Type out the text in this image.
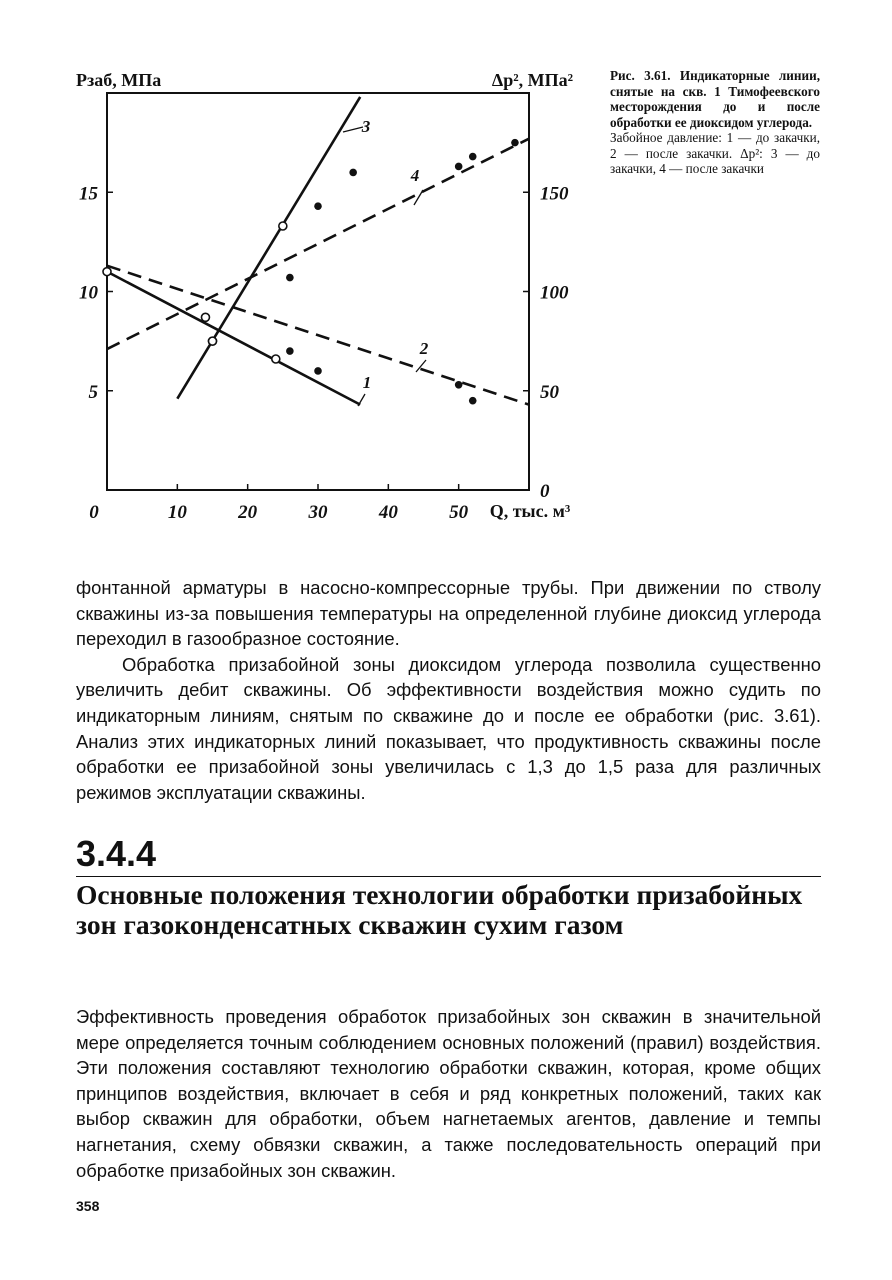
Pзаб, МПа	Δp², МПа²
Q, тыс. м³
0	10	20	30	40	50
15
10
5
150
100
50
0
1
2
3
4
Рис. 3.61. Индикаторные линии, снятые на скв. 1 Тимофеевского месторождения до и после обработки ее диоксидом углерода.
Забойное давление: 1 — до закачки, 2 — после закачки. Δp²: 3 — до закачки, 4 — после закачки

фонтанной арматуры в насосно-компрессорные трубы. При движении по стволу скважины из-за повышения температуры на определенной глубине диоксид углерода переходил в газообразное состояние.

Обработка призабойной зоны диоксидом углерода позволила существенно увеличить дебит скважины. Об эффективности воздействия можно судить по индикаторным линиям, снятым по скважине до и после ее обработки (рис. 3.61). Анализ этих индикаторных линий показывает, что продуктивность скважины после обработки ее призабойной зоны увеличилась с 1,3 до 1,5 раза для различных режимов эксплуатации скважины.

3.4.4
Основные положения технологии обработки призабойных зон газоконденсатных скважин сухим газом

Эффективность проведения обработок призабойных зон скважин в значительной мере определяется точным соблюдением основных положений (правил) воздействия. Эти положения составляют технологию обработки скважин, которая, кроме общих принципов воздействия, включает в себя и ряд конкретных положений, таких как выбор скважин для обработки, объем нагнетаемых агентов, давление и темпы нагнетания, схему обвязки скважин, а также последовательность операций при обработке призабойных зон скважин.

358
